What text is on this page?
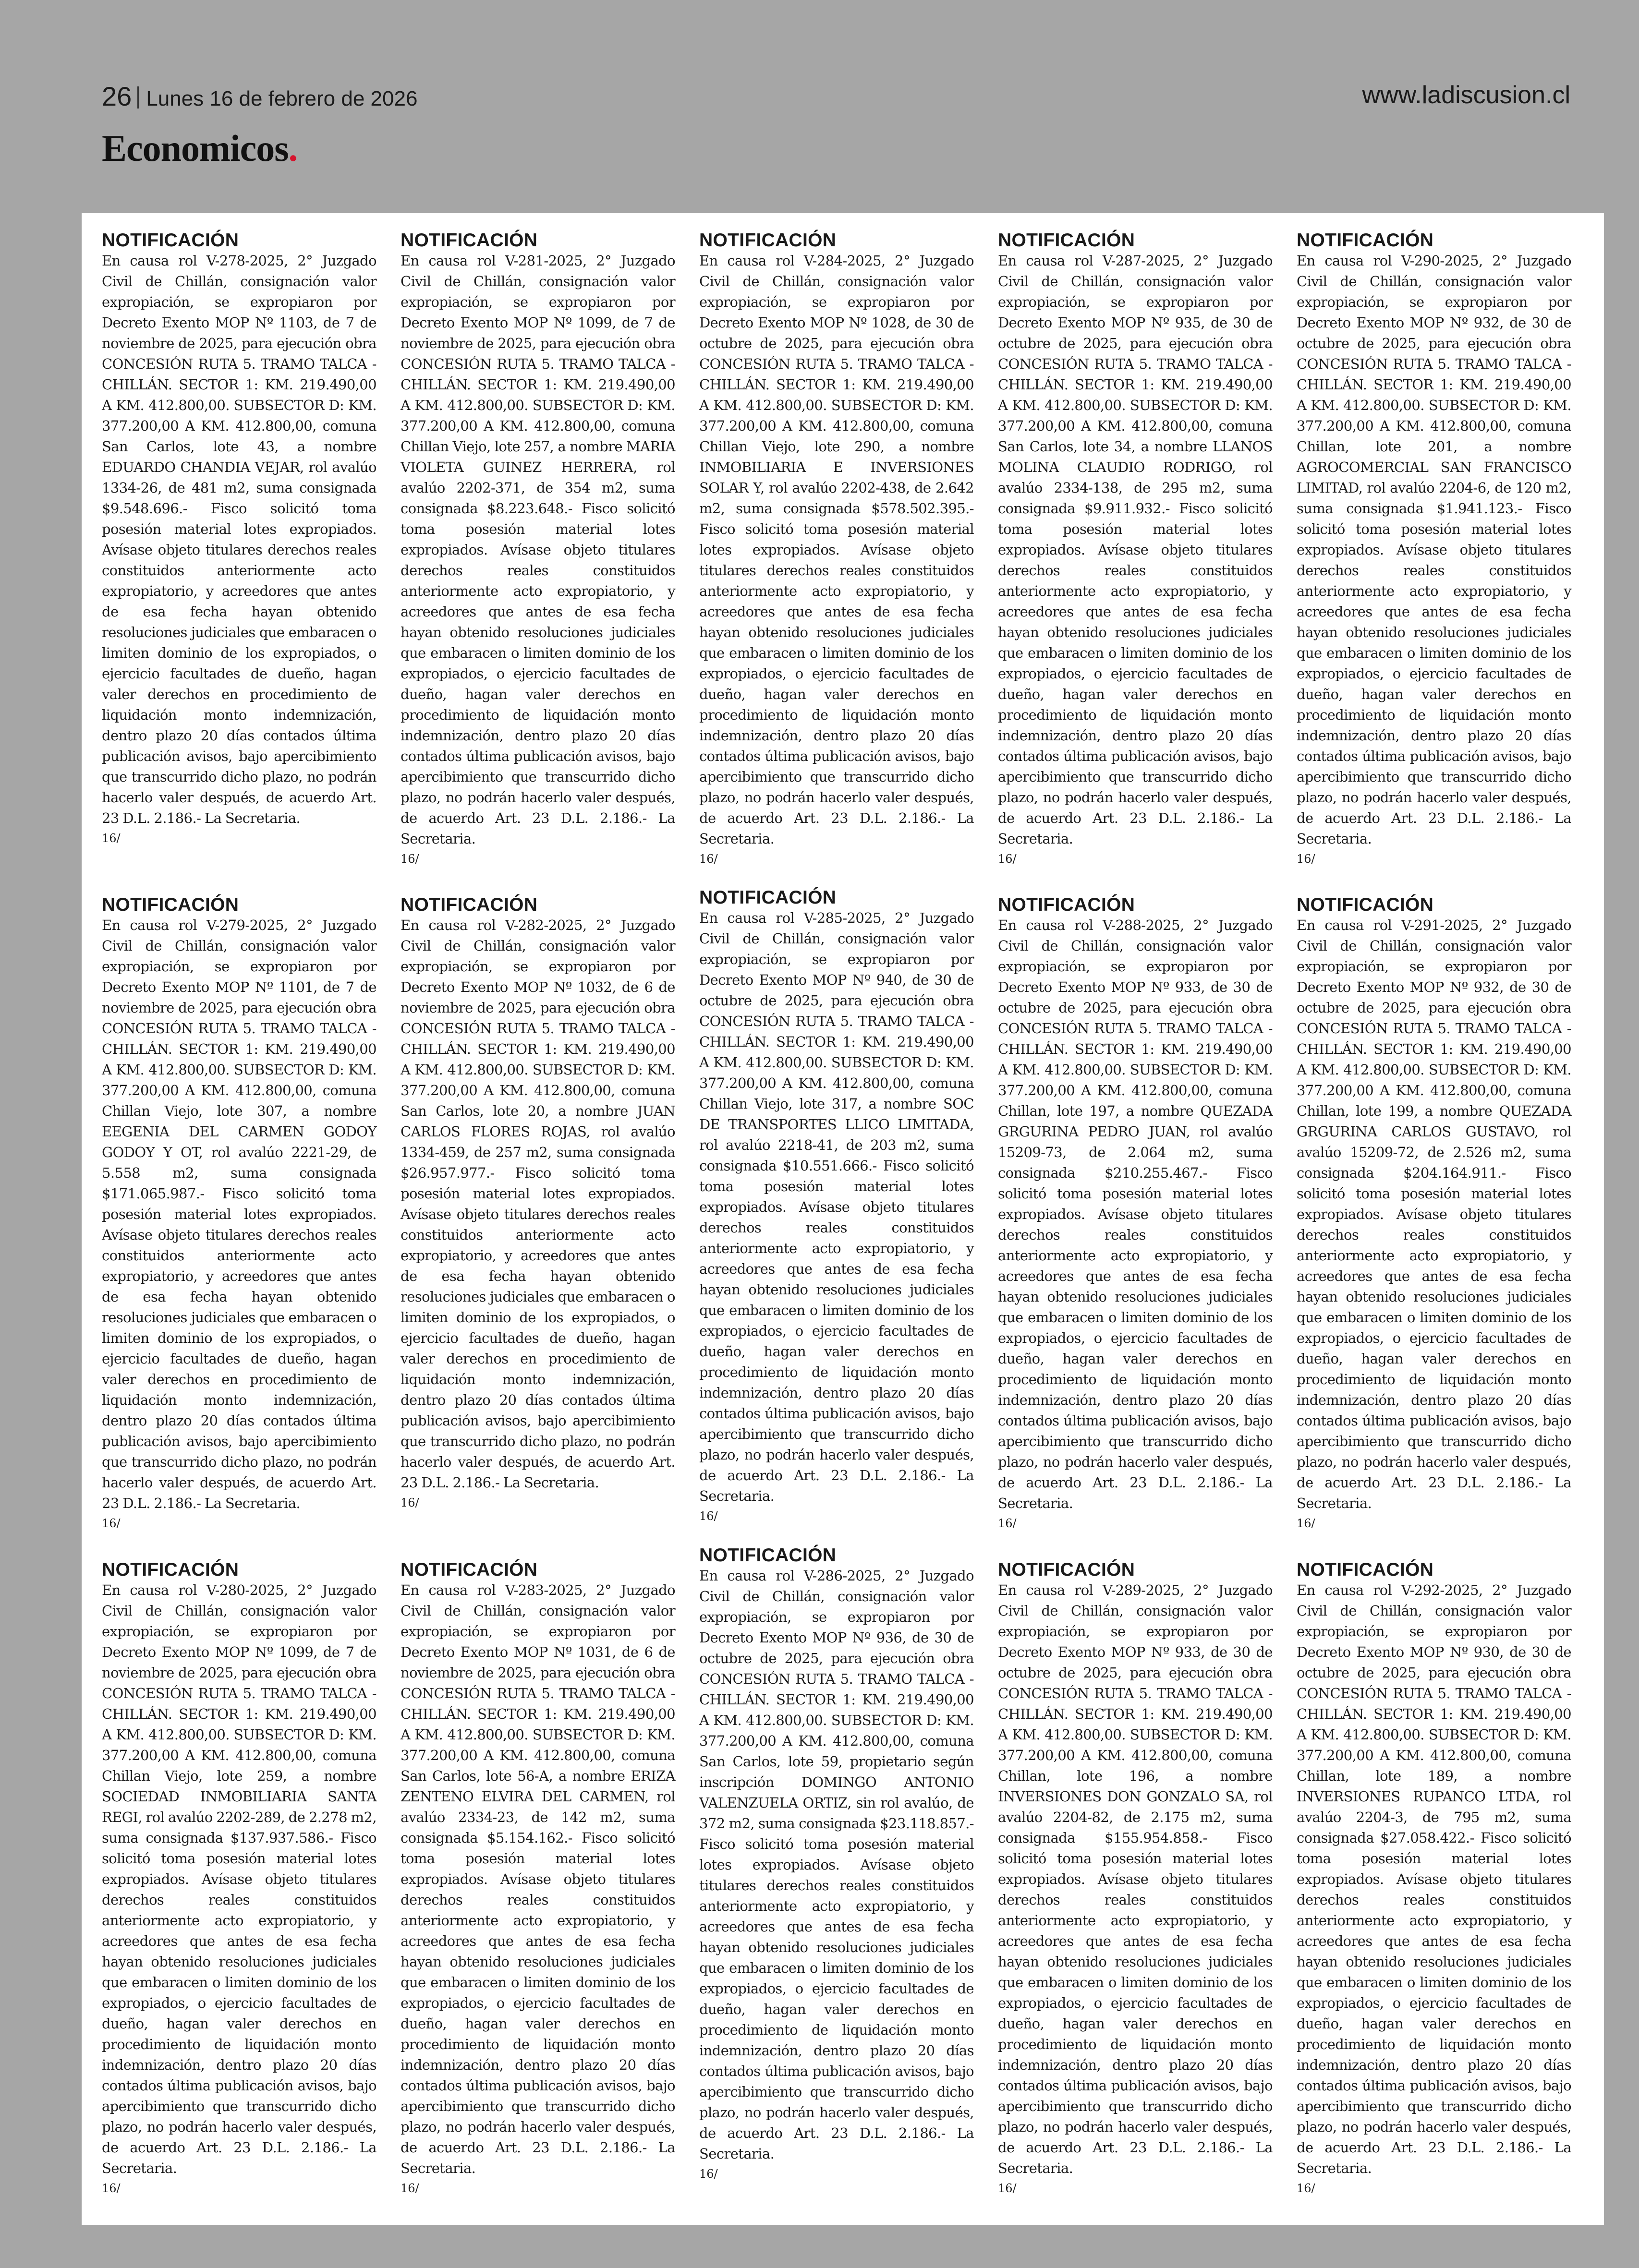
26 Lunes 16 de febrero de 2026	www.ladiscusion.cl
Economicos.
NOTIFICACIÓN

En causa rol V-278-2025, 2° Juzgado Civil de Chillán, consignación valor expropiación, se expropiaron por Decreto Exento MOP Nº 1103, de 7 de noviembre de 2025, para ejecución obra CONCESIÓN RUTA 5. TRAMO TALCA - CHILLÁN. SECTOR 1: KM. 219.490,00 A KM. 412.800,00. SUBSECTOR D: KM. 377.200,00 A KM. 412.800,00, comuna San Carlos, lote 43, a nombre EDUARDO CHANDIA VEJAR, rol avalúo 1334-26, de 481 m2, suma consignada $9.548.696.- Fisco solicitó toma posesión material lotes expropiados. Avísase objeto titulares derechos reales constituidos anteriormente acto expropiatorio, y acreedores que antes de esa fecha hayan obtenido resoluciones judiciales que embaracen o limiten dominio de los expropiados, o ejercicio facultades de dueño, hagan valer derechos en procedimiento de liquidación monto indemnización, dentro plazo 20 días contados última publicación avisos, bajo apercibimiento que transcurrido dicho plazo, no podrán hacerlo valer después, de acuerdo Art. 23 D.L. 2.186.- La Secretaria.

16/
NOTIFICACIÓN

En causa rol V-281-2025, 2° Juzgado Civil de Chillán, consignación valor expropiación, se expropiaron por Decreto Exento MOP Nº 1099, de 7 de noviembre de 2025, para ejecución obra CONCESIÓN RUTA 5. TRAMO TALCA - CHILLÁN. SECTOR 1: KM. 219.490,00 A KM. 412.800,00. SUBSECTOR D: KM. 377.200,00 A KM. 412.800,00, comuna Chillan Viejo, lote 257, a nombre MARIA VIOLETA GUINEZ HERRERA, rol avalúo 2202-371, de 354 m2, suma consignada $8.223.648.- Fisco solicitó toma posesión material lotes expropiados. Avísase objeto titulares derechos reales constituidos anteriormente acto expropiatorio, y acreedores que antes de esa fecha hayan obtenido resoluciones judiciales que embaracen o limiten dominio de los expropiados, o ejercicio facultades de dueño, hagan valer derechos en procedimiento de liquidación monto indemnización, dentro plazo 20 días contados última publicación avisos, bajo apercibimiento que transcurrido dicho plazo, no podrán hacerlo valer después, de acuerdo Art. 23 D.L. 2.186.- La Secretaria.

16/
NOTIFICACIÓN

En causa rol V-284-2025, 2° Juzgado Civil de Chillán, consignación valor expropiación, se expropiaron por Decreto Exento MOP Nº 1028, de 30 de octubre de 2025, para ejecución obra CONCESIÓN RUTA 5. TRAMO TALCA - CHILLÁN. SECTOR 1: KM. 219.490,00 A KM. 412.800,00. SUBSECTOR D: KM. 377.200,00 A KM. 412.800,00, comuna Chillan Viejo, lote 290, a nombre INMOBILIARIA E INVERSIONES SOLAR Y, rol avalúo 2202-438, de 2.642 m2, suma consignada $578.502.395.- Fisco solicitó toma posesión material lotes expropiados. Avísase objeto titulares derechos reales constituidos anteriormente acto expropiatorio, y acreedores que antes de esa fecha hayan obtenido resoluciones judiciales que embaracen o limiten dominio de los expropiados, o ejercicio facultades de dueño, hagan valer derechos en procedimiento de liquidación monto indemnización, dentro plazo 20 días contados última publicación avisos, bajo apercibimiento que transcurrido dicho plazo, no podrán hacerlo valer después, de acuerdo Art. 23 D.L. 2.186.- La Secretaria.

16/
NOTIFICACIÓN

En causa rol V-287-2025, 2° Juzgado Civil de Chillán, consignación valor expropiación, se expropiaron por Decreto Exento MOP Nº 935, de 30 de octubre de 2025, para ejecución obra CONCESIÓN RUTA 5. TRAMO TALCA - CHILLÁN. SECTOR 1: KM. 219.490,00 A KM. 412.800,00. SUBSECTOR D: KM. 377.200,00 A KM. 412.800,00, comuna San Carlos, lote 34, a nombre LLANOS MOLINA CLAUDIO RODRIGO, rol avalúo 2334-138, de 295 m2, suma consignada $9.911.932.- Fisco solicitó toma posesión material lotes expropiados. Avísase objeto titulares derechos reales constituidos anteriormente acto expropiatorio, y acreedores que antes de esa fecha hayan obtenido resoluciones judiciales que embaracen o limiten dominio de los expropiados, o ejercicio facultades de dueño, hagan valer derechos en procedimiento de liquidación monto indemnización, dentro plazo 20 días contados última publicación avisos, bajo apercibimiento que transcurrido dicho plazo, no podrán hacerlo valer después, de acuerdo Art. 23 D.L. 2.186.- La Secretaria.

16/
NOTIFICACIÓN

En causa rol V-290-2025, 2° Juzgado Civil de Chillán, consignación valor expropiación, se expropiaron por Decreto Exento MOP Nº 932, de 30 de octubre de 2025, para ejecución obra CONCESIÓN RUTA 5. TRAMO TALCA - CHILLÁN. SECTOR 1: KM. 219.490,00 A KM. 412.800,00. SUBSECTOR D: KM. 377.200,00 A KM. 412.800,00, comuna Chillan, lote 201, a nombre AGROCOMERCIAL SAN FRANCISCO LIMITAD, rol avalúo 2204-6, de 120 m2, suma consignada $1.941.123.- Fisco solicitó toma posesión material lotes expropiados. Avísase objeto titulares derechos reales constituidos anteriormente acto expropiatorio, y acreedores que antes de esa fecha hayan obtenido resoluciones judiciales que embaracen o limiten dominio de los expropiados, o ejercicio facultades de dueño, hagan valer derechos en procedimiento de liquidación monto indemnización, dentro plazo 20 días contados última publicación avisos, bajo apercibimiento que transcurrido dicho plazo, no podrán hacerlo valer después, de acuerdo Art. 23 D.L. 2.186.- La Secretaria.

16/
NOTIFICACIÓN

En causa rol V-279-2025, 2° Juzgado Civil de Chillán, consignación valor expropiación, se expropiaron por Decreto Exento MOP Nº 1101, de 7 de noviembre de 2025, para ejecución obra CONCESIÓN RUTA 5. TRAMO TALCA - CHILLÁN. SECTOR 1: KM. 219.490,00 A KM. 412.800,00. SUBSECTOR D: KM. 377.200,00 A KM. 412.800,00, comuna Chillan Viejo, lote 307, a nombre EEGENIA DEL CARMEN GODOY GODOY Y OT, rol avalúo 2221-29, de 5.558 m2, suma consignada $171.065.987.- Fisco solicitó toma posesión material lotes expropiados. Avísase objeto titulares derechos reales constituidos anteriormente acto expropiatorio, y acreedores que antes de esa fecha hayan obtenido resoluciones judiciales que embaracen o limiten dominio de los expropiados, o ejercicio facultades de dueño, hagan valer derechos en procedimiento de liquidación monto indemnización, dentro plazo 20 días contados última publicación avisos, bajo apercibimiento que transcurrido dicho plazo, no podrán hacerlo valer después, de acuerdo Art. 23 D.L. 2.186.- La Secretaria.

16/
NOTIFICACIÓN

En causa rol V-282-2025, 2° Juzgado Civil de Chillán, consignación valor expropiación, se expropiaron por Decreto Exento MOP Nº 1032, de 6 de noviembre de 2025, para ejecución obra CONCESIÓN RUTA 5. TRAMO TALCA - CHILLÁN. SECTOR 1: KM. 219.490,00 A KM. 412.800,00. SUBSECTOR D: KM. 377.200,00 A KM. 412.800,00, comuna San Carlos, lote 20, a nombre JUAN CARLOS FLORES ROJAS, rol avalúo 1334-459, de 257 m2, suma consignada $26.957.977.- Fisco solicitó toma posesión material lotes expropiados. Avísase objeto titulares derechos reales constituidos anteriormente acto expropiatorio, y acreedores que antes de esa fecha hayan obtenido resoluciones judiciales que embaracen o limiten dominio de los expropiados, o ejercicio facultades de dueño, hagan valer derechos en procedimiento de liquidación monto indemnización, dentro plazo 20 días contados última publicación avisos, bajo apercibimiento que transcurrido dicho plazo, no podrán hacerlo valer después, de acuerdo Art. 23 D.L. 2.186.- La Secretaria.

16/
NOTIFICACIÓN

En causa rol V-285-2025, 2° Juzgado Civil de Chillán, consignación valor expropiación, se expropiaron por Decreto Exento MOP Nº 940, de 30 de octubre de 2025, para ejecución obra CONCESIÓN RUTA 5. TRAMO TALCA - CHILLÁN. SECTOR 1: KM. 219.490,00 A KM. 412.800,00. SUBSECTOR D: KM. 377.200,00 A KM. 412.800,00, comuna Chillan Viejo, lote 317, a nombre SOC DE TRANSPORTES LLICO LIMITADA, rol avalúo 2218-41, de 203 m2, suma consignada $10.551.666.- Fisco solicitó toma posesión material lotes expropiados. Avísase objeto titulares derechos reales constituidos anteriormente acto expropiatorio, y acreedores que antes de esa fecha hayan obtenido resoluciones judiciales que embaracen o limiten dominio de los expropiados, o ejercicio facultades de dueño, hagan valer derechos en procedimiento de liquidación monto indemnización, dentro plazo 20 días contados última publicación avisos, bajo apercibimiento que transcurrido dicho plazo, no podrán hacerlo valer después, de acuerdo Art. 23 D.L. 2.186.- La Secretaria.

16/
NOTIFICACIÓN

En causa rol V-288-2025, 2° Juzgado Civil de Chillán, consignación valor expropiación, se expropiaron por Decreto Exento MOP Nº 933, de 30 de octubre de 2025, para ejecución obra CONCESIÓN RUTA 5. TRAMO TALCA - CHILLÁN. SECTOR 1: KM. 219.490,00 A KM. 412.800,00. SUBSECTOR D: KM. 377.200,00 A KM. 412.800,00, comuna Chillan, lote 197, a nombre QUEZADA GRGURINA PEDRO JUAN, rol avalúo 15209-73, de 2.064 m2, suma consignada $210.255.467.- Fisco solicitó toma posesión material lotes expropiados. Avísase objeto titulares derechos reales constituidos anteriormente acto expropiatorio, y acreedores que antes de esa fecha hayan obtenido resoluciones judiciales que embaracen o limiten dominio de los expropiados, o ejercicio facultades de dueño, hagan valer derechos en procedimiento de liquidación monto indemnización, dentro plazo 20 días contados última publicación avisos, bajo apercibimiento que transcurrido dicho plazo, no podrán hacerlo valer después, de acuerdo Art. 23 D.L. 2.186.- La Secretaria.

16/
NOTIFICACIÓN

En causa rol V-291-2025, 2° Juzgado Civil de Chillán, consignación valor expropiación, se expropiaron por Decreto Exento MOP Nº 932, de 30 de octubre de 2025, para ejecución obra CONCESIÓN RUTA 5. TRAMO TALCA - CHILLÁN. SECTOR 1: KM. 219.490,00 A KM. 412.800,00. SUBSECTOR D: KM. 377.200,00 A KM. 412.800,00, comuna Chillan, lote 199, a nombre QUEZADA GRGURINA CARLOS GUSTAVO, rol avalúo 15209-72, de 2.526 m2, suma consignada $204.164.911.- Fisco solicitó toma posesión material lotes expropiados. Avísase objeto titulares derechos reales constituidos anteriormente acto expropiatorio, y acreedores que antes de esa fecha hayan obtenido resoluciones judiciales que embaracen o limiten dominio de los expropiados, o ejercicio facultades de dueño, hagan valer derechos en procedimiento de liquidación monto indemnización, dentro plazo 20 días contados última publicación avisos, bajo apercibimiento que transcurrido dicho plazo, no podrán hacerlo valer después, de acuerdo Art. 23 D.L. 2.186.- La Secretaria.

16/
NOTIFICACIÓN

En causa rol V-280-2025, 2° Juzgado Civil de Chillán, consignación valor expropiación, se expropiaron por Decreto Exento MOP Nº 1099, de 7 de noviembre de 2025, para ejecución obra CONCESIÓN RUTA 5. TRAMO TALCA - CHILLÁN. SECTOR 1: KM. 219.490,00 A KM. 412.800,00. SUBSECTOR D: KM. 377.200,00 A KM. 412.800,00, comuna Chillan Viejo, lote 259, a nombre SOCIEDAD INMOBILIARIA SANTA REGI, rol avalúo 2202-289, de 2.278 m2, suma consignada $137.937.586.- Fisco solicitó toma posesión material lotes expropiados. Avísase objeto titulares derechos reales constituidos anteriormente acto expropiatorio, y acreedores que antes de esa fecha hayan obtenido resoluciones judiciales que embaracen o limiten dominio de los expropiados, o ejercicio facultades de dueño, hagan valer derechos en procedimiento de liquidación monto indemnización, dentro plazo 20 días contados última publicación avisos, bajo apercibimiento que transcurrido dicho plazo, no podrán hacerlo valer después, de acuerdo Art. 23 D.L. 2.186.- La Secretaria.

16/
NOTIFICACIÓN

En causa rol V-283-2025, 2° Juzgado Civil de Chillán, consignación valor expropiación, se expropiaron por Decreto Exento MOP Nº 1031, de 6 de noviembre de 2025, para ejecución obra CONCESIÓN RUTA 5. TRAMO TALCA - CHILLÁN. SECTOR 1: KM. 219.490,00 A KM. 412.800,00. SUBSECTOR D: KM. 377.200,00 A KM. 412.800,00, comuna San Carlos, lote 56-A, a nombre ERIZA ZENTENO ELVIRA DEL CARMEN, rol avalúo 2334-23, de 142 m2, suma consignada $5.154.162.- Fisco solicitó toma posesión material lotes expropiados. Avísase objeto titulares derechos reales constituidos anteriormente acto expropiatorio, y acreedores que antes de esa fecha hayan obtenido resoluciones judiciales que embaracen o limiten dominio de los expropiados, o ejercicio facultades de dueño, hagan valer derechos en procedimiento de liquidación monto indemnización, dentro plazo 20 días contados última publicación avisos, bajo apercibimiento que transcurrido dicho plazo, no podrán hacerlo valer después, de acuerdo Art. 23 D.L. 2.186.- La Secretaria.

16/
NOTIFICACIÓN

En causa rol V-286-2025, 2° Juzgado Civil de Chillán, consignación valor expropiación, se expropiaron por Decreto Exento MOP Nº 936, de 30 de octubre de 2025, para ejecución obra CONCESIÓN RUTA 5. TRAMO TALCA - CHILLÁN. SECTOR 1: KM. 219.490,00 A KM. 412.800,00. SUBSECTOR D: KM. 377.200,00 A KM. 412.800,00, comuna San Carlos, lote 59, propietario según inscripción DOMINGO ANTONIO VALENZUELA ORTIZ, sin rol avalúo, de 372 m2, suma consignada $23.118.857.- Fisco solicitó toma posesión material lotes expropiados. Avísase objeto titulares derechos reales constituidos anteriormente acto expropiatorio, y acreedores que antes de esa fecha hayan obtenido resoluciones judiciales que embaracen o limiten dominio de los expropiados, o ejercicio facultades de dueño, hagan valer derechos en procedimiento de liquidación monto indemnización, dentro plazo 20 días contados última publicación avisos, bajo apercibimiento que transcurrido dicho plazo, no podrán hacerlo valer después, de acuerdo Art. 23 D.L. 2.186.- La Secretaria.

16/
NOTIFICACIÓN

En causa rol V-289-2025, 2° Juzgado Civil de Chillán, consignación valor expropiación, se expropiaron por Decreto Exento MOP Nº 933, de 30 de octubre de 2025, para ejecución obra CONCESIÓN RUTA 5. TRAMO TALCA - CHILLÁN. SECTOR 1: KM. 219.490,00 A KM. 412.800,00. SUBSECTOR D: KM. 377.200,00 A KM. 412.800,00, comuna Chillan, lote 196, a nombre INVERSIONES DON GONZALO SA, rol avalúo 2204-82, de 2.175 m2, suma consignada $155.954.858.- Fisco solicitó toma posesión material lotes expropiados. Avísase objeto titulares derechos reales constituidos anteriormente acto expropiatorio, y acreedores que antes de esa fecha hayan obtenido resoluciones judiciales que embaracen o limiten dominio de los expropiados, o ejercicio facultades de dueño, hagan valer derechos en procedimiento de liquidación monto indemnización, dentro plazo 20 días contados última publicación avisos, bajo apercibimiento que transcurrido dicho plazo, no podrán hacerlo valer después, de acuerdo Art. 23 D.L. 2.186.- La Secretaria.

16/
NOTIFICACIÓN

En causa rol V-292-2025, 2° Juzgado Civil de Chillán, consignación valor expropiación, se expropiaron por Decreto Exento MOP Nº 930, de 30 de octubre de 2025, para ejecución obra CONCESIÓN RUTA 5. TRAMO TALCA - CHILLÁN. SECTOR 1: KM. 219.490,00 A KM. 412.800,00. SUBSECTOR D: KM. 377.200,00 A KM. 412.800,00, comuna Chillan, lote 189, a nombre INVERSIONES RUPANCO LTDA, rol avalúo 2204-3, de 795 m2, suma consignada $27.058.422.- Fisco solicitó toma posesión material lotes expropiados. Avísase objeto titulares derechos reales constituidos anteriormente acto expropiatorio, y acreedores que antes de esa fecha hayan obtenido resoluciones judiciales que embaracen o limiten dominio de los expropiados, o ejercicio facultades de dueño, hagan valer derechos en procedimiento de liquidación monto indemnización, dentro plazo 20 días contados última publicación avisos, bajo apercibimiento que transcurrido dicho plazo, no podrán hacerlo valer después, de acuerdo Art. 23 D.L. 2.186.- La Secretaria.

16/
